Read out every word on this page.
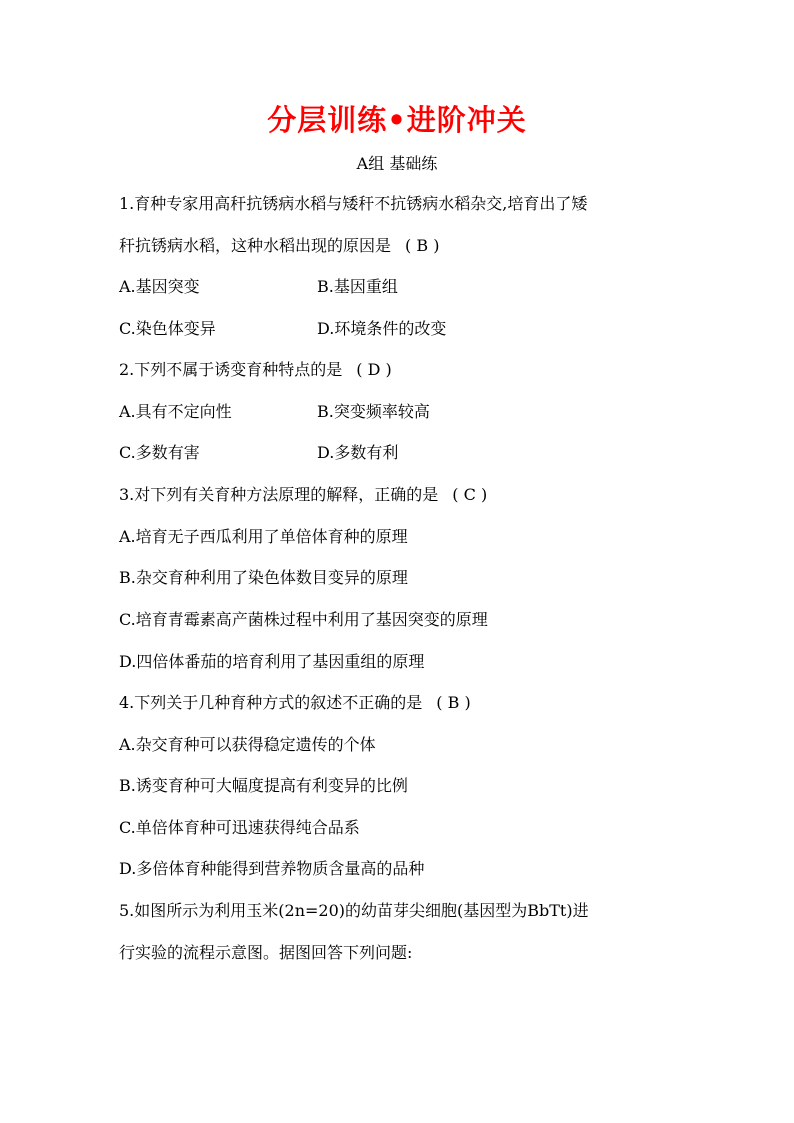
分层训练•进阶冲关
A组 基础练
1.育种专家用高秆抗锈病水稻与矮秆不抗锈病水稻杂交,培育出了矮
秆抗锈病水稻，这种水稻出现的原因是 ( B )
A.基因突变	B.基因重组
C.染色体变异	D.环境条件的改变
2.下列不属于诱变育种特点的是 ( D )
A.具有不定向性	B.突变频率较高
C.多数有害	D.多数有利
3.对下列有关育种方法原理的解释，正确的是 ( C )
A.培育无子西瓜利用了单倍体育种的原理
B.杂交育种利用了染色体数目变异的原理
C.培育青霉素高产菌株过程中利用了基因突变的原理
D.四倍体番茄的培育利用了基因重组的原理
4.下列关于几种育种方式的叙述不正确的是 ( B )
A.杂交育种可以获得稳定遗传的个体
B.诱变育种可大幅度提高有利变异的比例
C.单倍体育种可迅速获得纯合品系
D.多倍体育种能得到营养物质含量高的品种
5.如图所示为利用玉米(2n=20)的幼苗芽尖细胞(基因型为BbTt)进
行实验的流程示意图。据图回答下列问题:
